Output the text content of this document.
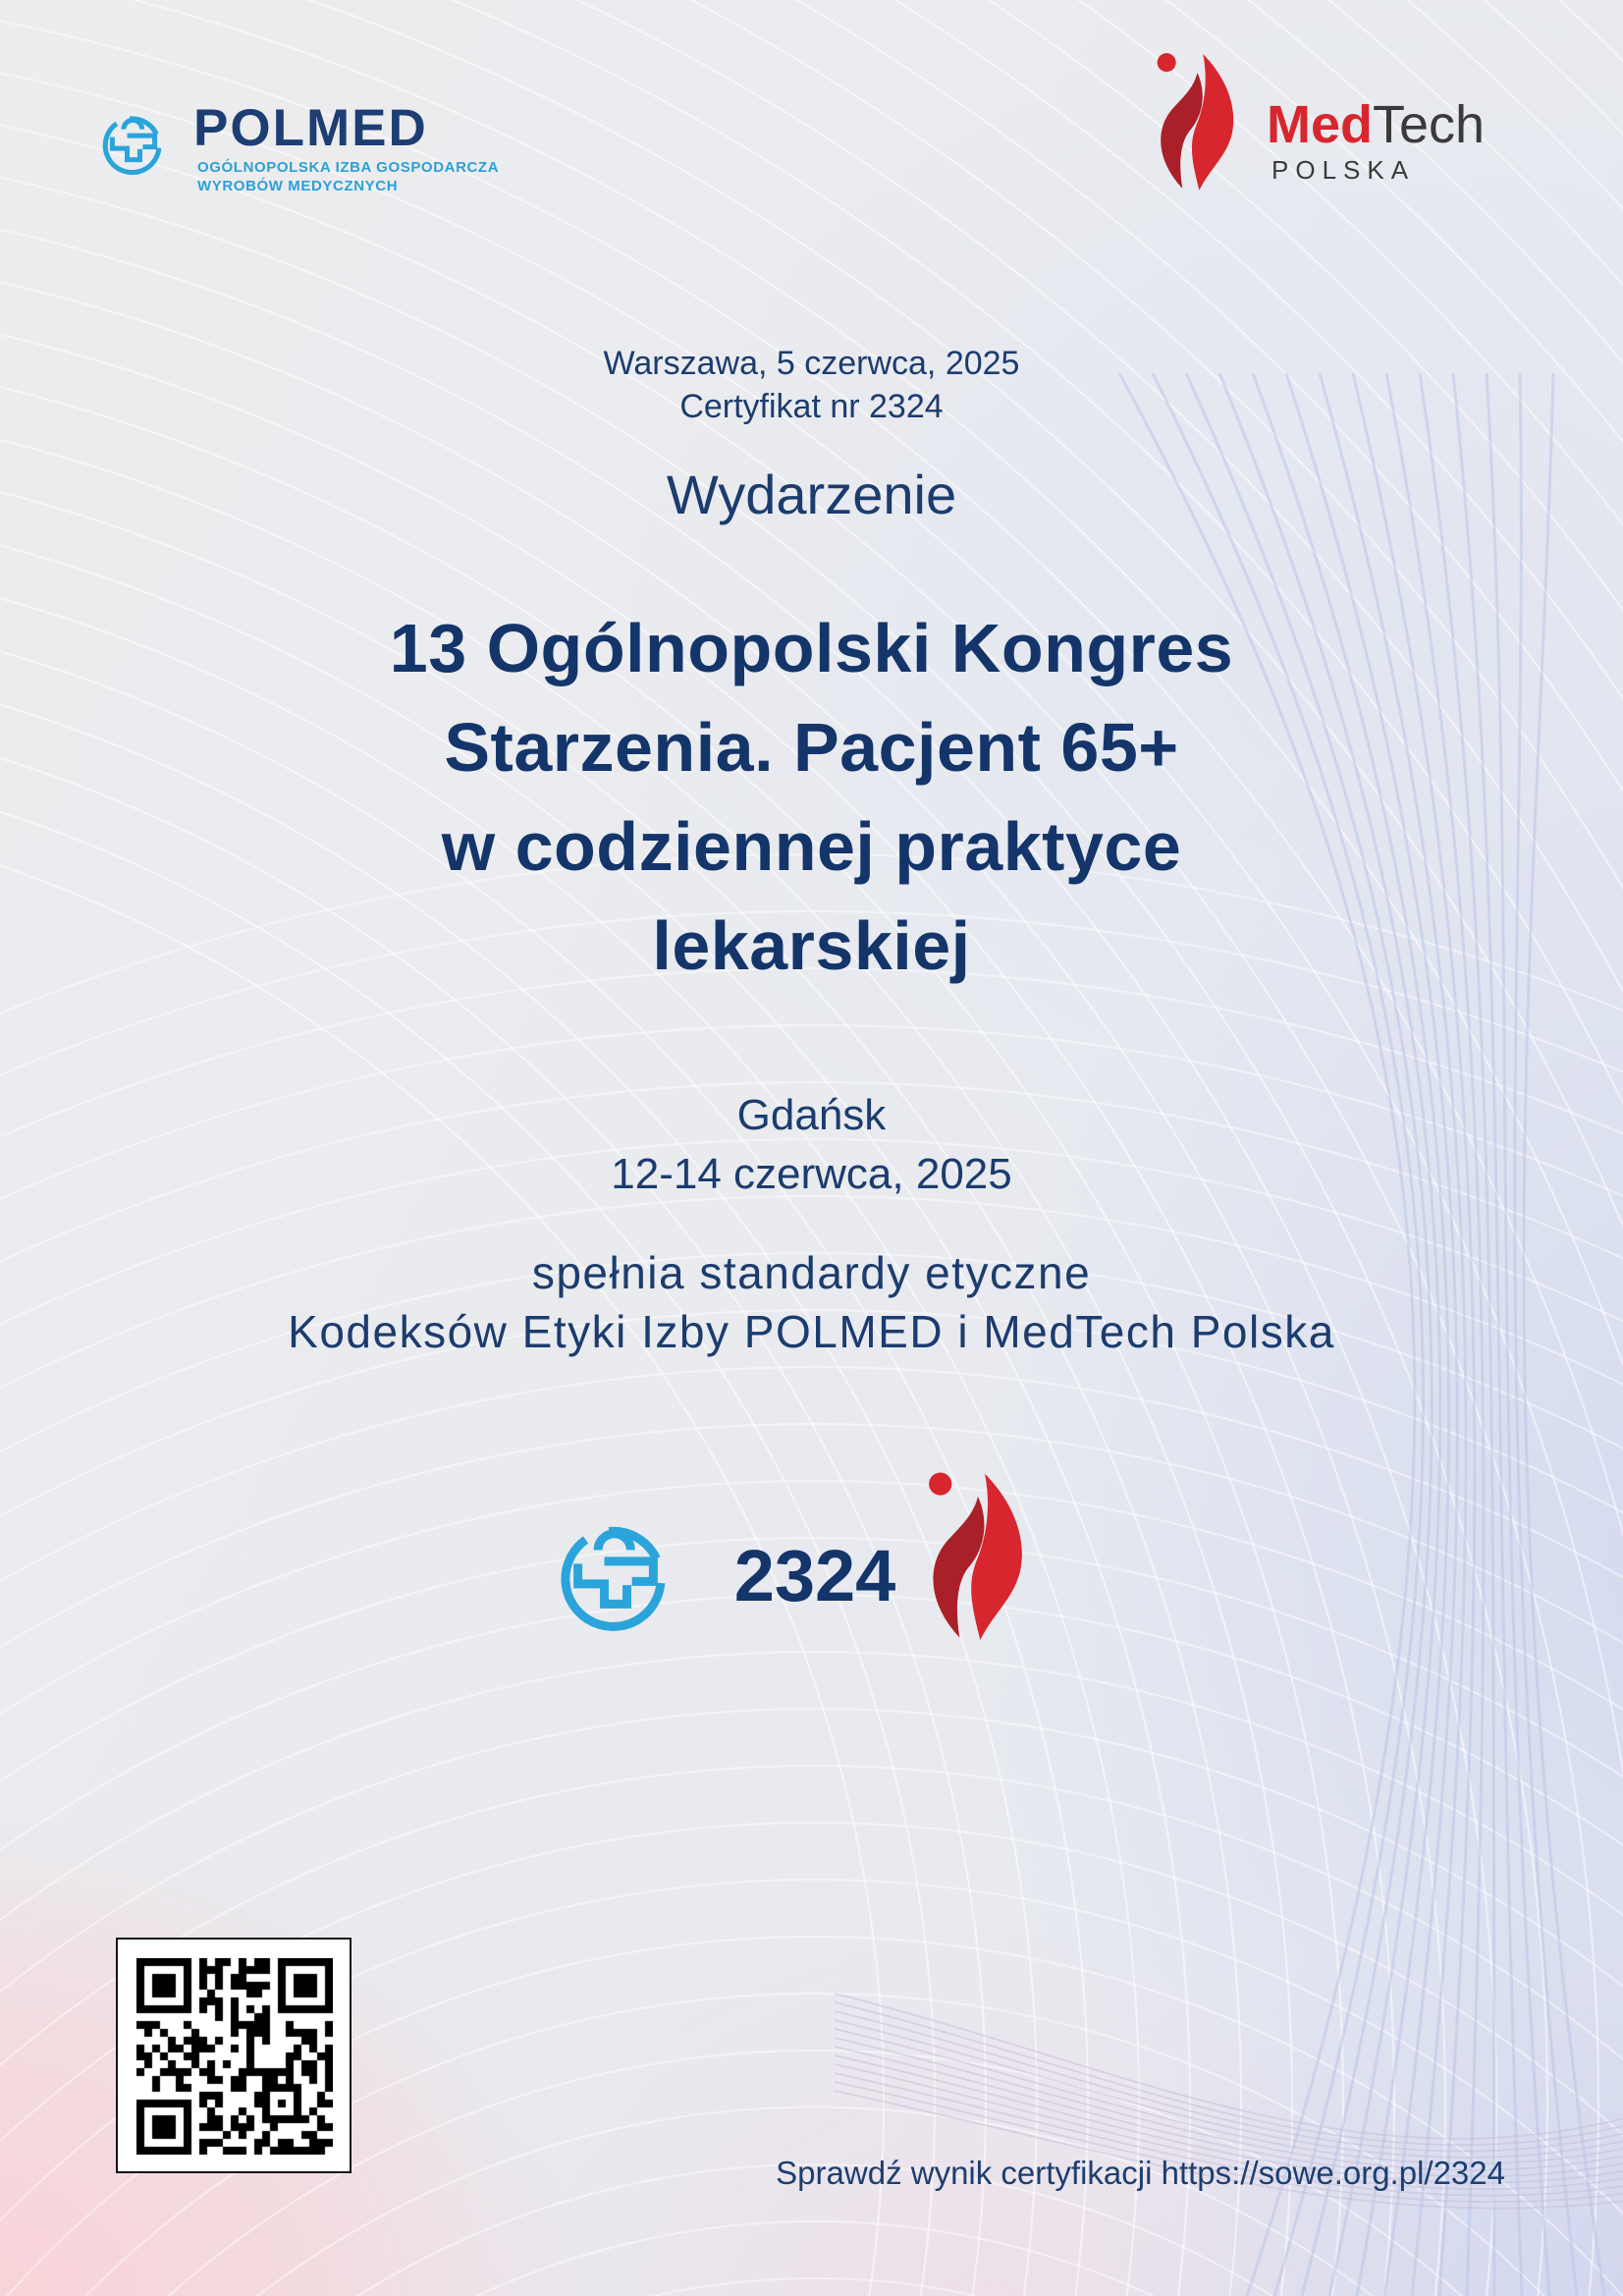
POLMED
OGÓLNOPOLSKA IZBA GOSPODARCZA
WYROBÓW MEDYCZNYCH
MedTech
POLSKA
Warszawa, 5 czerwca, 2025
Certyfikat nr 2324
Wydarzenie
13 Ogólnopolski Kongres
Starzenia. Pacjent 65+
w codziennej praktyce
lekarskiej
Gdańsk
12-14 czerwca, 2025
spełnia standardy etyczne
Kodeksów Etyki Izby POLMED i MedTech Polska
2324
Sprawdź wynik certyfikacji https://sowe.org.pl/2324
